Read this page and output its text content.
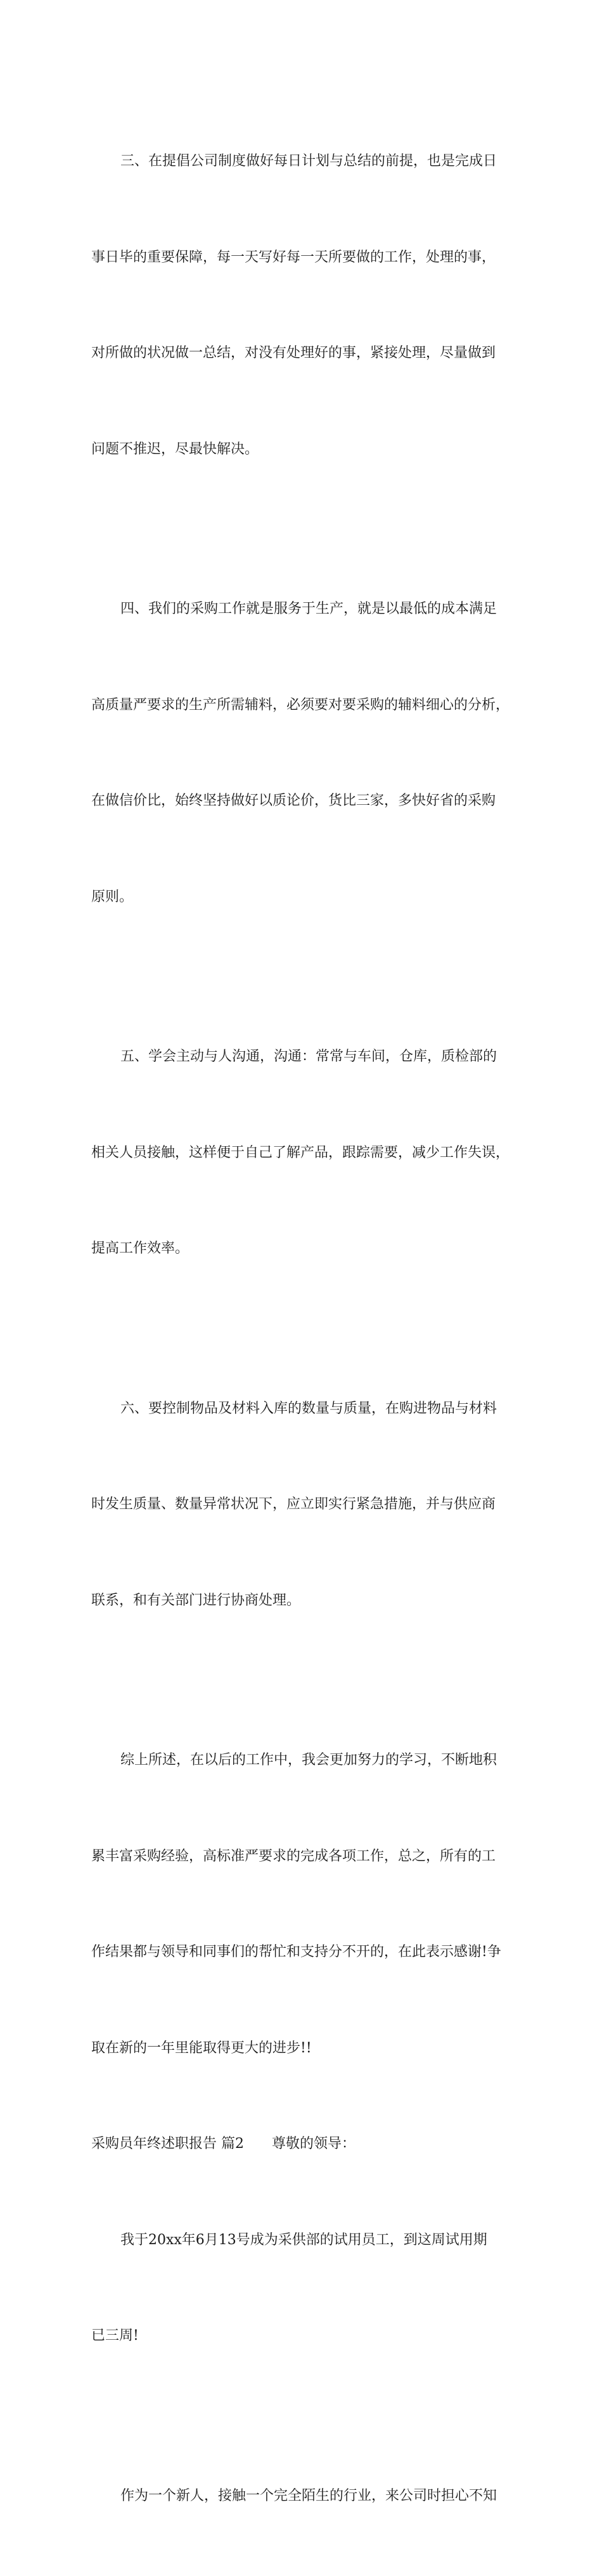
三、在提倡公司制度做好每日计划与总结的前提，也是完成日

事日毕的重要保障，每一天写好每一天所要做的工作，处理的事，

对所做的状况做一总结，对没有处理好的事，紧接处理，尽量做到

问题不推迟，尽最快解决。

四、我们的采购工作就是服务于生产，就是以最低的成本满足

高质量严要求的生产所需辅料，必须要对要采购的辅料细心的分析，

在做信价比，始终坚持做好以质论价，货比三家，多快好省的采购

原则。

五、学会主动与人沟通，沟通：常常与车间，仓库，质检部的

相关人员接触，这样便于自己了解产品，跟踪需要，减少工作失误，

提高工作效率。

六、要控制物品及材料入库的数量与质量，在购进物品与材料

时发生质量、数量异常状况下，应立即实行紧急措施，并与供应商

联系，和有关部门进行协商处理。

综上所述，在以后的工作中，我会更加努力的学习，不断地积

累丰富采购经验，高标准严要求的完成各项工作，总之，所有的工

作结果都与领导和同事们的帮忙和支持分不开的，在此表示感谢!争

取在新的一年里能取得更大的进步!!

采购员年终述职报告 篇2　　尊敬的领导：

我于20xx年6月13号成为采供部的试用员工，到这周试用期

已三周!

作为一个新人，接触一个完全陌生的行业，来公司时担心不知
